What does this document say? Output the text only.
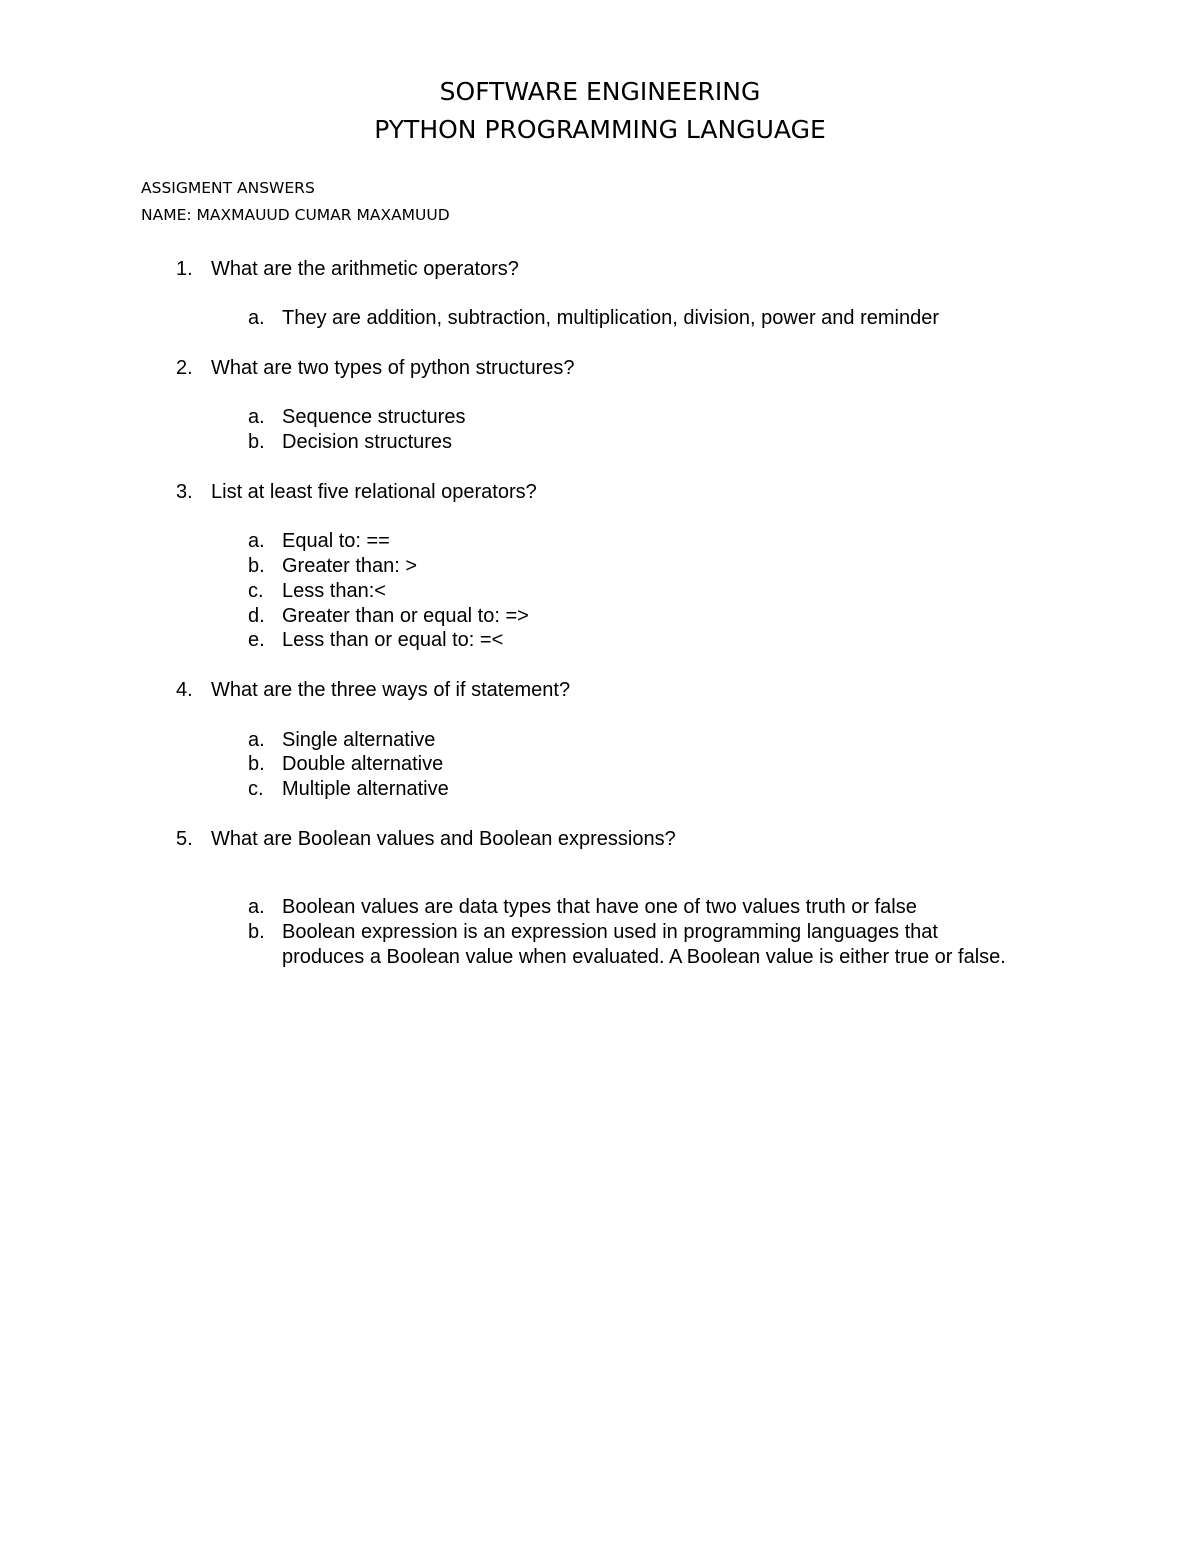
SOFTWARE ENGINEERING
PYTHON PROGRAMMING LANGUAGE
ASSIGMENT ANSWERS
NAME: MAXMAUUD CUMAR MAXAMUUD
1. What are the arithmetic operators?
a. They are addition, subtraction, multiplication, division, power and reminder
2. What are two types of python structures?
a. Sequence structures
b. Decision structures
3. List at least five relational operators?
a. Equal to: ==
b. Greater than: >
c. Less than:<
d. Greater than or equal to: =>
e. Less than or equal to: =<
4. What are the three ways of if statement?
a. Single alternative
b. Double alternative
c. Multiple alternative
5. What are Boolean values and Boolean expressions?
a. Boolean values are data types that have one of two values truth or false
b. Boolean expression is an expression used in programming languages that produces a Boolean value when evaluated. A Boolean value is either true or false.
